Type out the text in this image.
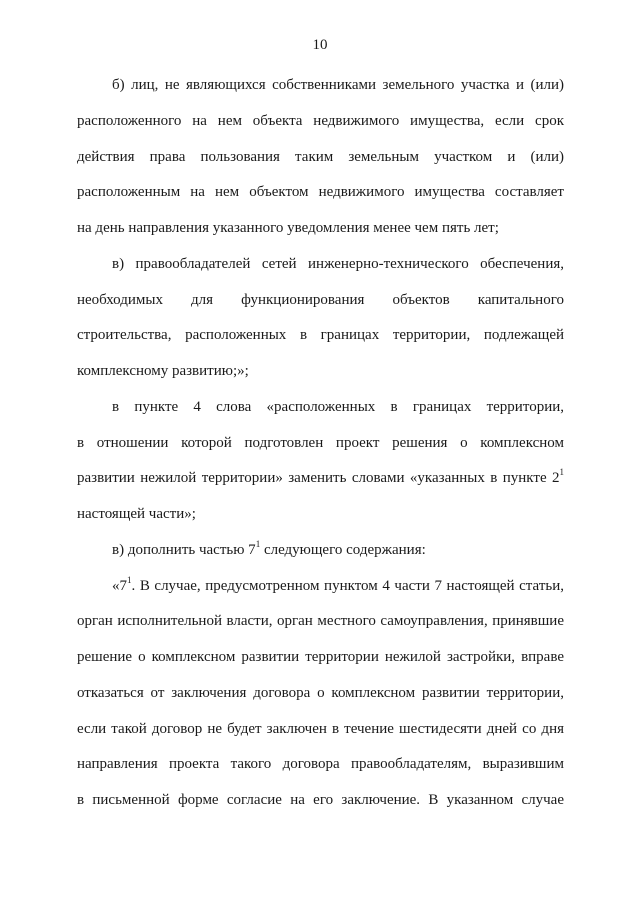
10
б) лиц, не являющихся собственниками земельного участка и (или)
расположенного на нем объекта недвижимого имущества, если срок
действия права пользования таким земельным участком и (или)
расположенным на нем объектом недвижимого имущества составляет
на день направления указанного уведомления менее чем пять лет;
в) правообладателей сетей инженерно-технического обеспечения,
необходимых для функционирования объектов капитального
строительства, расположенных в границах территории, подлежащей
комплексному развитию;»;
в пункте 4 слова «расположенных в границах территории,
в отношении которой подготовлен проект решения о комплексном
развитии нежилой территории» заменить словами «указанных в пункте $2^1$
настоящей части»;
в) дополнить частью $7^1$ следующего содержания:
«$7^1$. В случае, предусмотренном пунктом 4 части 7 настоящей статьи,
орган исполнительной власти, орган местного самоуправления, принявшие
решение о комплексном развитии территории нежилой застройки, вправе
отказаться от заключения договора о комплексном развитии территории,
если такой договор не будет заключен в течение шестидесяти дней со дня
направления проекта такого договора правообладателям, выразившим
в письменной форме согласие на его заключение. В указанном случае
